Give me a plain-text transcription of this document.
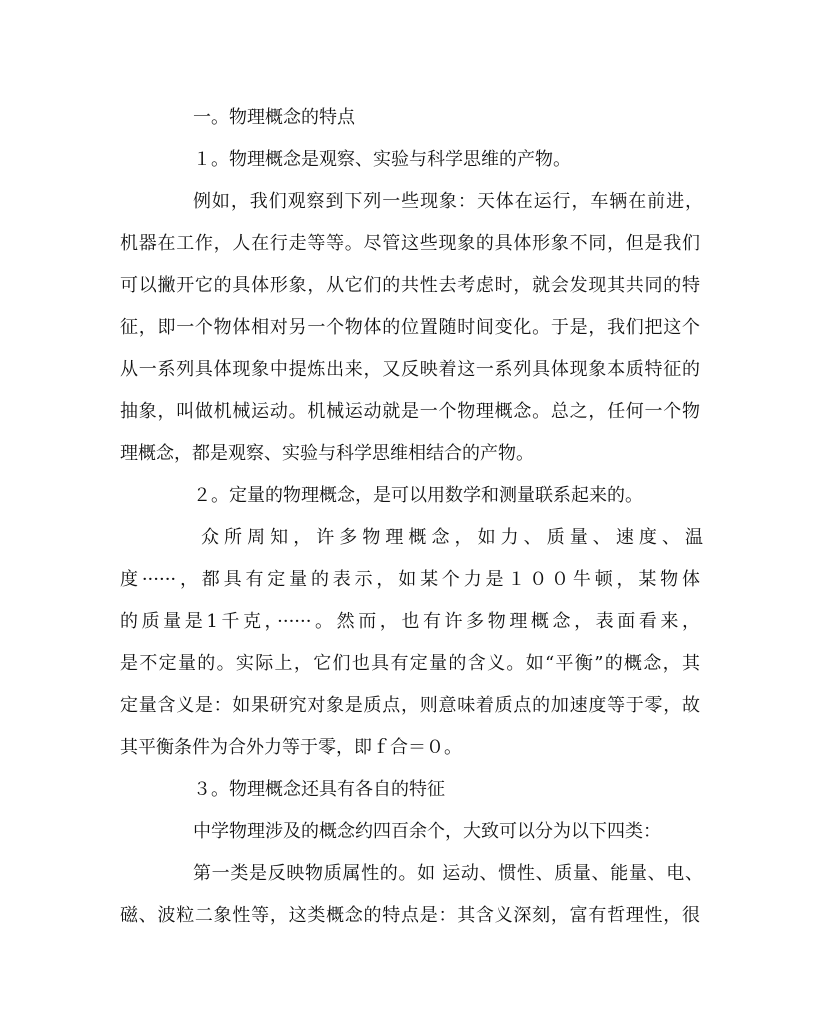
一。物理概念的特点
１。物理概念是观察、实验与科学思维的产物。
例如，我们观察到下列一些现象：天体在运行，车辆在前进，
机器在工作，人在行走等等。尽管这些现象的具体形象不同，但是我们
可以撇开它的具体形象，从它们的共性去考虑时，就会发现其共同的特
征，即一个物体相对另一个物体的位置随时间变化。于是，我们把这个
从一系列具体现象中提炼出来，又反映着这一系列具体现象本质特征的
抽象，叫做机械运动。机械运动就是一个物理概念。总之，任何一个物
理概念，都是观察、实验与科学思维相结合的产物。
２。定量的物理概念，是可以用数学和测量联系起来的。
众所周知，许多物理概念，如力、质量、速度、温
度······，都具有定量的表示，如某个力是１００牛顿，某物体
的质量是1千克，······。然而，也有许多物理概念，表面看来，
是不定量的。实际上，它们也具有定量的含义。如“平衡”的概念，其
定量含义是：如果研究对象是质点，则意味着质点的加速度等于零，故
其平衡条件为合外力等于零，即ｆ合＝０。
３。物理概念还具有各自的特征
中学物理涉及的概念约四百余个，大致可以分为以下四类：
第一类是反映物质属性的。如 运动、惯性、质量、能量、电、
磁、波粒二象性等，这类概念的特点是：其含义深刻，富有哲理性，很
